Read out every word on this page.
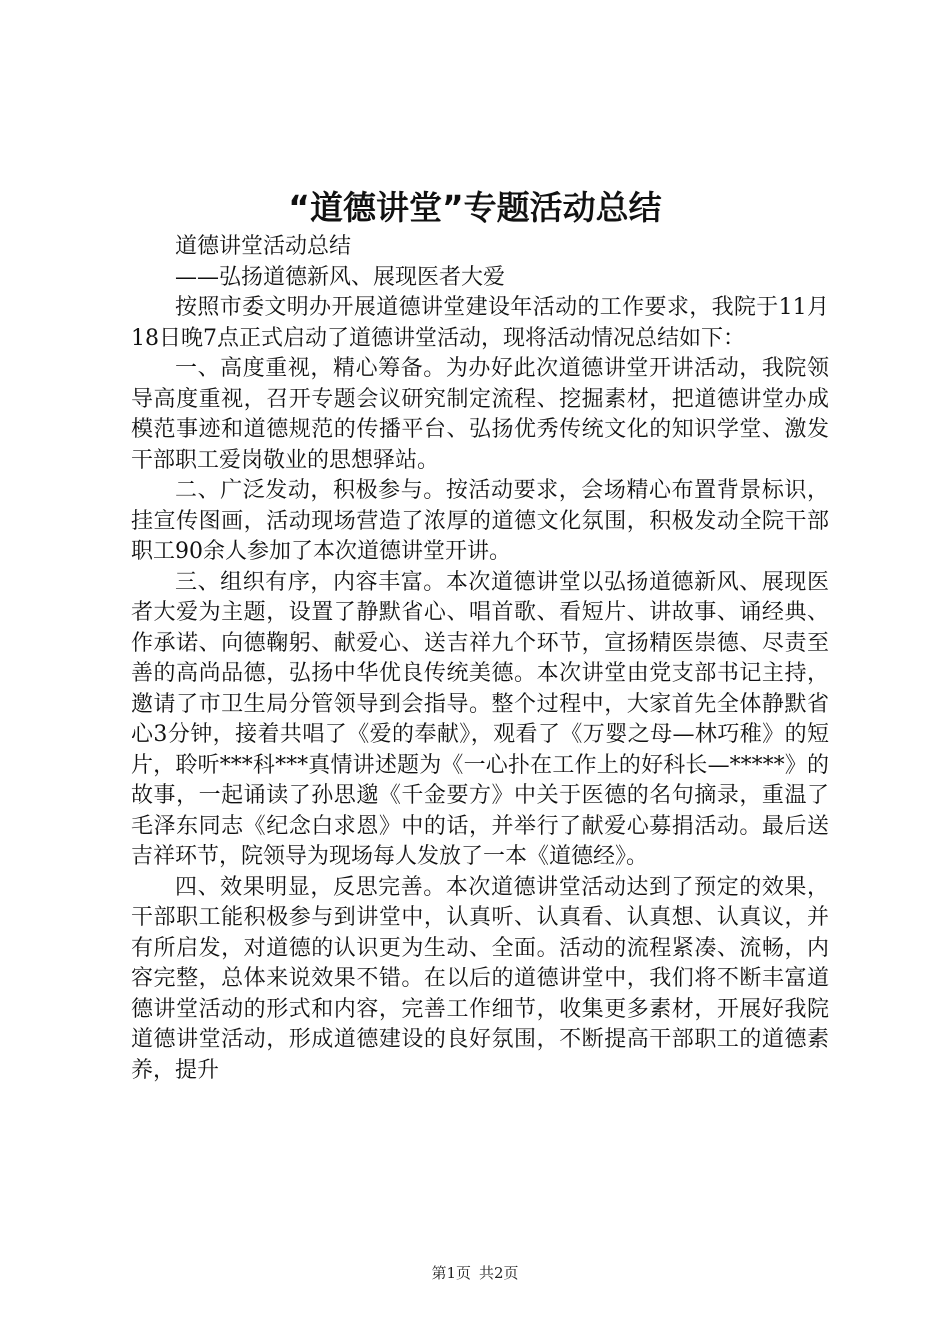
“道德讲堂”专题活动总结

道德讲堂活动总结

——弘扬道德新风、展现医者大爱

按照市委文明办开展道德讲堂建设年活动的工作要求，我院于11月18日晚7点正式启动了道德讲堂活动，现将活动情况总结如下：

一、高度重视，精心筹备。为办好此次道德讲堂开讲活动，我院领导高度重视，召开专题会议研究制定流程、挖掘素材，把道德讲堂办成模范事迹和道德规范的传播平台、弘扬优秀传统文化的知识学堂、激发干部职工爱岗敬业的思想驿站。

二、广泛发动，积极参与。按活动要求，会场精心布置背景标识，挂宣传图画，活动现场营造了浓厚的道德文化氛围，积极发动全院干部职工90余人参加了本次道德讲堂开讲。

三、组织有序，内容丰富。本次道德讲堂以弘扬道德新风、展现医者大爱为主题，设置了静默省心、唱首歌、看短片、讲故事、诵经典、作承诺、向德鞠躬、献爱心、送吉祥九个环节，宣扬精医崇德、尽责至善的高尚品德，弘扬中华优良传统美德。本次讲堂由党支部书记主持，邀请了市卫生局分管领导到会指导。整个过程中，大家首先全体静默省心3分钟，接着共唱了《爱的奉献》，观看了《万婴之母—林巧稚》的短片，聆听***科***真情讲述题为《一心扑在工作上的好科长—*****》的故事，一起诵读了孙思邈《千金要方》中关于医德的名句摘录，重温了毛泽东同志《纪念白求恩》中的话，并举行了献爱心募捐活动。最后送吉祥环节，院领导为现场每人发放了一本《道德经》。

四、效果明显，反思完善。本次道德讲堂活动达到了预定的效果，干部职工能积极参与到讲堂中，认真听、认真看、认真想、认真议，并有所启发，对道德的认识更为生动、全面。活动的流程紧凑、流畅，内容完整，总体来说效果不错。在以后的道德讲堂中，我们将不断丰富道德讲堂活动的形式和内容，完善工作细节，收集更多素材，开展好我院道德讲堂活动，形成道德建设的良好氛围，不断提高干部职工的道德素养，提升

第1页 共2页
